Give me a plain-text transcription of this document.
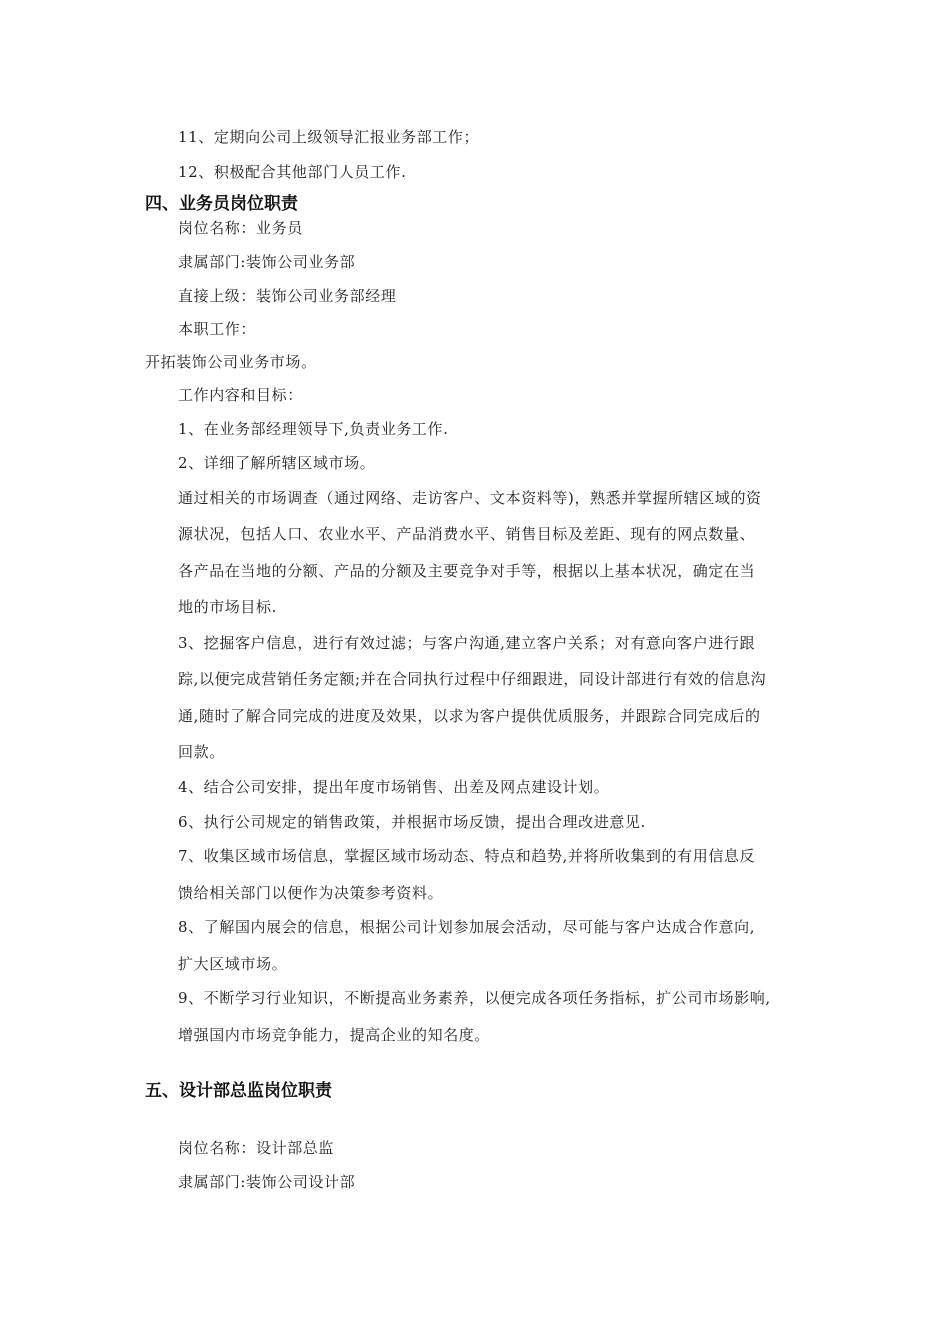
11、定期向公司上级领导汇报业务部工作；
12、积极配合其他部门人员工作.
四、业务员岗位职责
岗位名称：业务员
隶属部门:装饰公司业务部
直接上级：装饰公司业务部经理
本职工作：
开拓装饰公司业务市场。
工作内容和目标：
1、在业务部经理领导下,负责业务工作.
2、详细了解所辖区域市场。
通过相关的市场调查（通过网络、走访客户、文本资料等)，熟悉并掌握所辖区域的资
源状况，包括人口、农业水平、产品消费水平、销售目标及差距、现有的网点数量、
各产品在当地的分额、产品的分额及主要竞争对手等，根据以上基本状况，确定在当
地的市场目标.
3、挖掘客户信息，进行有效过滤；与客户沟通,建立客户关系；对有意向客户进行跟
踪,以便完成营销任务定额;并在合同执行过程中仔细跟进，同设计部进行有效的信息沟
通,随时了解合同完成的进度及效果，以求为客户提供优质服务，并跟踪合同完成后的
回款。
4、结合公司安排，提出年度市场销售、出差及网点建设计划。
6、执行公司规定的销售政策，并根据市场反馈，提出合理改进意见.
7、收集区域市场信息，掌握区域市场动态、特点和趋势,并将所收集到的有用信息反
馈给相关部门以便作为决策参考资料。
8、了解国内展会的信息，根据公司计划参加展会活动，尽可能与客户达成合作意向,
扩大区域市场。
9、不断学习行业知识，不断提高业务素养，以便完成各项任务指标，扩公司市场影响,
增强国内市场竞争能力，提高企业的知名度。
五、设计部总监岗位职责
岗位名称：设计部总监
隶属部门:装饰公司设计部
